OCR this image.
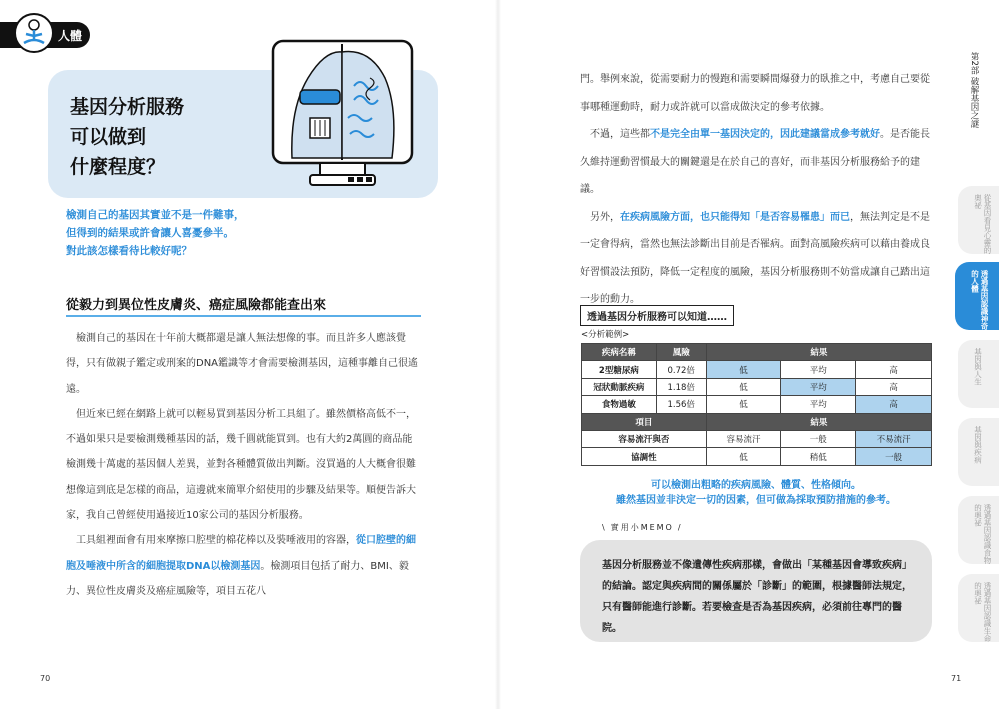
人體
基因分析服務
可以做到
什麼程度？
檢測自己的基因其實並不是一件難事，
但得到的結果或許會讓人喜憂參半。
對此該怎樣看待比較好呢？
從毅力到異位性皮膚炎、癌症風險都能查出來

檢測自己的基因在十年前大概都還是讓人無法想像的事。而且許多人應該覺得，只有做親子鑑定或刑案的DNA鑑識等才會需要檢測基因，這種事離自己很遙遠。

但近來已經在網路上就可以輕易買到基因分析工具組了。雖然價格高低不一，不過如果只是要檢測幾種基因的話，幾千圓就能買到。也有大約2萬圓的商品能檢測幾十萬處的基因個人差異，並對各種體質做出判斷。沒買過的人大概會很難想像這到底是怎樣的商品，這邊就來簡單介紹使用的步驟及結果等。順便告訴大家，我自己曾經使用過接近10家公司的基因分析服務。

工具組裡面會有用來摩擦口腔壁的棉花棒以及裝唾液用的容器，從口腔壁的細胞及唾液中所含的細胞提取DNA以檢測基因。檢測項目包括了耐力、BMI、毅力、異位性皮膚炎及癌症風險等，項目五花八

70

門。舉例來說，從需要耐力的慢跑和需要瞬間爆發力的臥推之中，考慮自己要從事哪種運動時，耐力或許就可以當成做決定的參考依據。

不過，這些都不是完全由單一基因決定的，因此建議當成參考就好。是否能長久維持運動習慣最大的關鍵還是在於自己的喜好，而非基因分析服務給予的建議。

另外，在疾病風險方面，也只能得知「是否容易罹患」而已，無法判定是不是一定會得病，當然也無法診斷出目前是否罹病。面對高風險疾病可以藉由養成良好習慣設法預防，降低一定程度的風險，基因分析服務則不妨當成讓自己踏出這一步的動力。

透過基因分析服務可以知道……
<分析範例>
疾病名稱	風險	結果		
2型糖尿病	0.72倍	低	平均	高
冠狀動脈疾病	1.18倍	低	平均	高
食物過敏	1.56倍	低	平均	高
項目		結果		
容易流汗與否		容易流汗	一般	不易流汗
協調性		低	稍低	一般
可以檢測出粗略的疾病風險、體質、性格傾向。
雖然基因並非決定一切的因素，但可做為採取預防措施的參考。
\ 實用小MEMO /
基因分析服務並不像遺傳性疾病那樣，會做出「某種基因會導致疾病」的結論。認定與疾病間的關係屬於「診斷」的範圍，根據醫師法規定，只有醫師能進行診斷。若要檢查是否為基因疾病，必須前往專門的醫院。
71
第2部 破解基因之謎
從基因看見心靈的奧祕
透過基因認識神奇的人體
基因與人生
基因與疾病
透過基因認識食物的奧祕
透過基因認識生命的奧祕
